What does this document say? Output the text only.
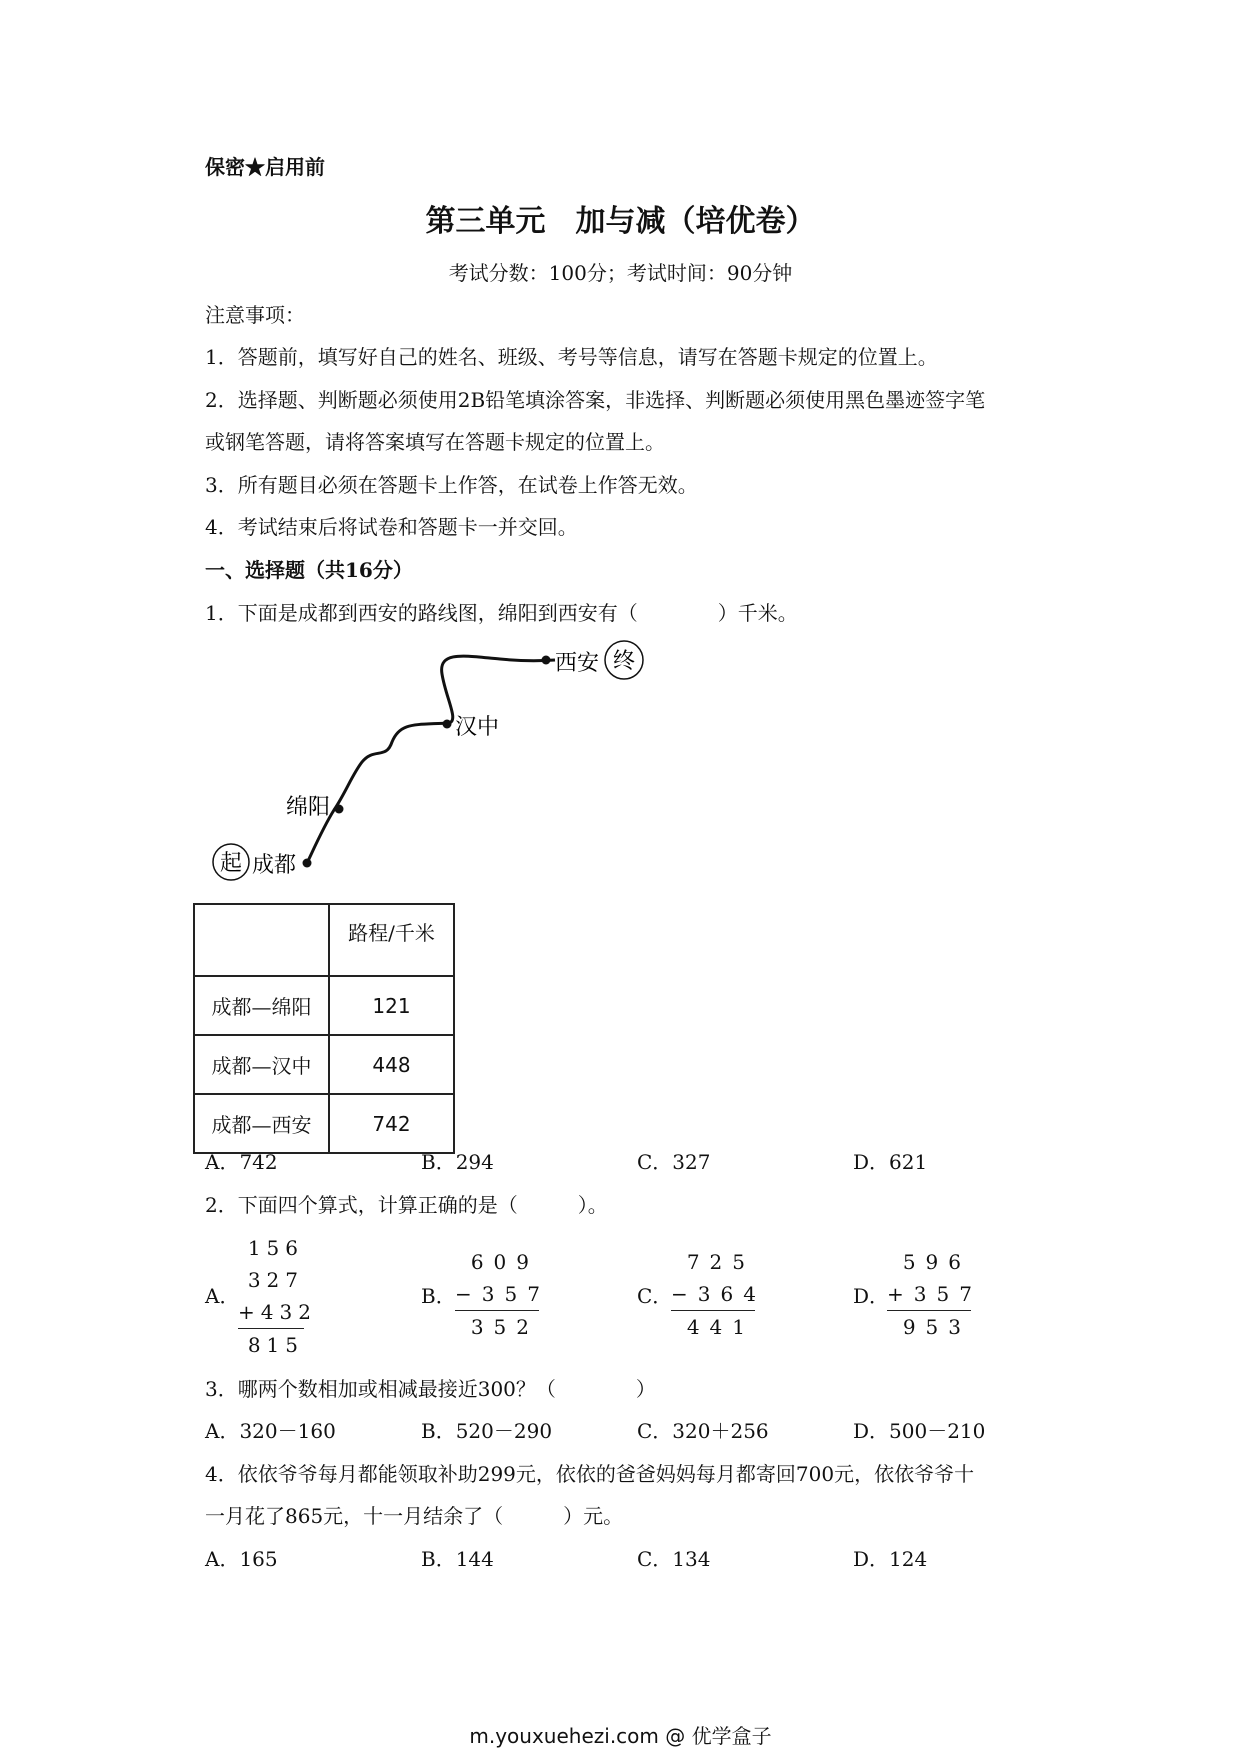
保密★启用前
第三单元　加与减（培优卷）
考试分数：100分；考试时间：90分钟
注意事项：
1．答题前，填写好自己的姓名、班级、考号等信息，请写在答题卡规定的位置上。
2．选择题、判断题必须使用2B铅笔填涂答案，非选择、判断题必须使用黑色墨迹签字笔
或钢笔答题，请将答案填写在答题卡规定的位置上。
3．所有题目必须在答题卡上作答，在试卷上作答无效。
4．考试结束后将试卷和答题卡一并交回。
一、选择题（共16分）
1．下面是成都到西安的路线图，绵阳到西安有（　　　　）千米。
起
终
成都
绵阳
汉中
西安
	路程/千米
成都—绵阳	121
成都—汉中	448
成都—西安	742
A．742	B．294	C．327	D．621
2．下面四个算式，计算正确的是（　　　）。
A．
156
327
+432
815
B．
609
−357
352
C．
725
−364
441
D．
596
+357
953
3．哪两个数相加或相减最接近300？（　　　　）
A．320－160	B．520－290	C．320＋256	D．500－210
4．依依爷爷每月都能领取补助299元，依依的爸爸妈妈每月都寄回700元，依依爷爷十
一月花了865元，十一月结余了（　　　）元。
A．165	B．144	C．134	D．124
m.youxuehezi.com @ 优学盒子
